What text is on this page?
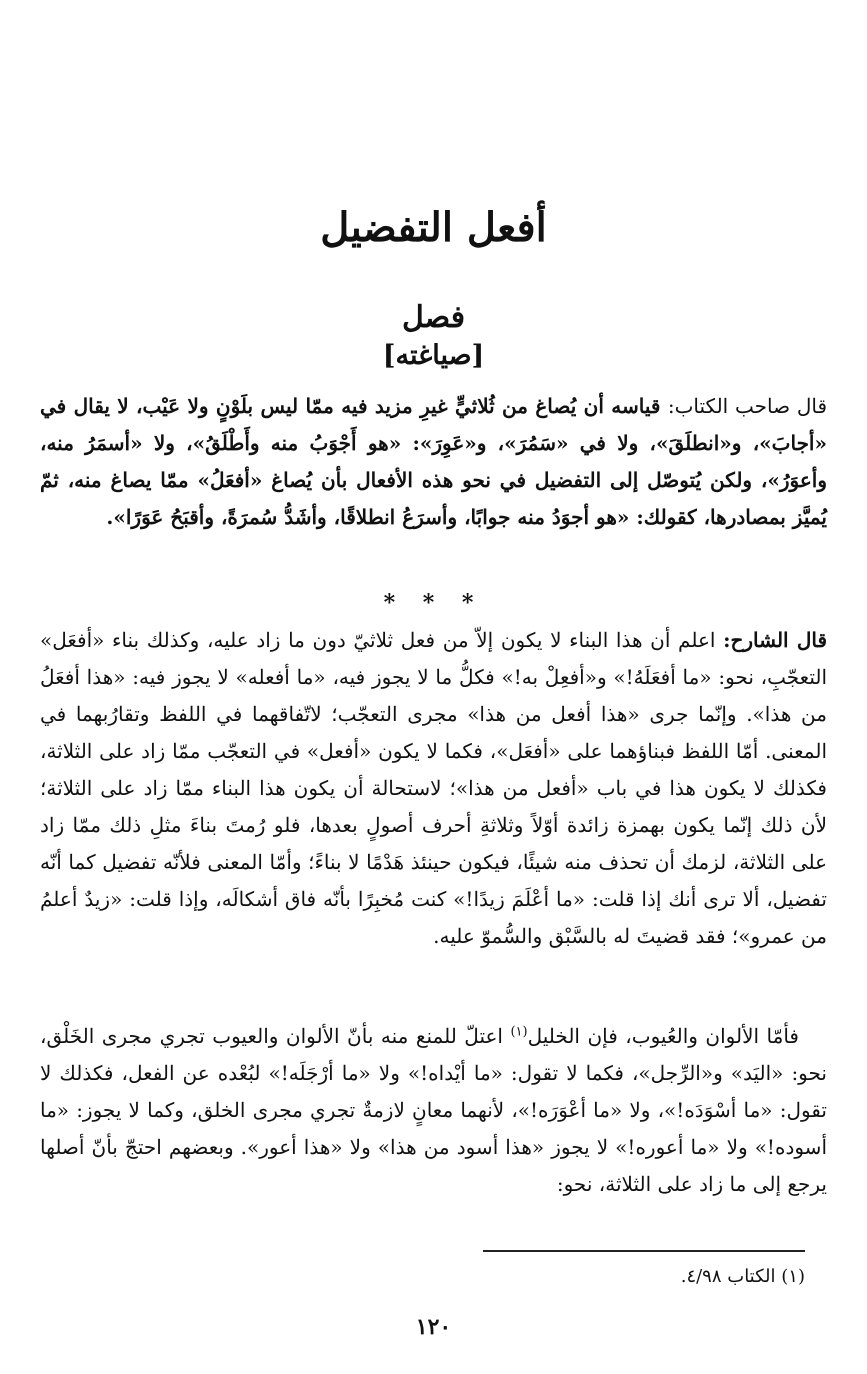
أفعل التفضيل
فصل
[صياغته]

قال صاحب الكتاب: قياسه أن يُصاغ من ثُلاثيٍّ غيرِ مزيد فيه ممّا ليس بلَوْنٍ ولا عَيْب، لا يقال في «أجابَ»، و«انطلَقَ»، ولا في «سَمُرَ»، و«عَوِرَ»: «هو أَجْوَبُ منه وأَطْلَقُ»، ولا «أسمَرُ منه، وأعوَرُ»، ولكن يُتوصّل إلى التفضيل في نحو هذه الأفعال بأن يُصاغ «أفعَلُ» ممّا يصاغ منه، ثمّ يُميَّز بمصادرها، كقولك: «هو أجوَدُ منه جوابًا، وأسرَعُ انطلاقًا، وأشَدُّ سُمرَةً، وأقبَحُ عَوَرًا».

* * *

قال الشارح: اعلم أن هذا البناء لا يكون إلاّ من فعل ثلاثيّ دون ما زاد عليه، وكذلك بناء «أفعَل» التعجّبِ، نحو: «ما أفعَلَهُ!» و«أفعِلْ به!» فكلُّ ما لا يجوز فيه، «ما أفعله» لا يجوز فيه: «هذا أفعَلُ من هذا». وإنّما جرى «هذا أفعل من هذا» مجرى التعجّب؛ لاتّفاقهما في اللفظ وتقارُبهما في المعنى. أمّا اللفظ فبناؤهما على «أفعَل»، فكما لا يكون «أفعل» في التعجّب ممّا زاد على الثلاثة، فكذلك لا يكون هذا في باب «أفعل من هذا»؛ لاستحالة أن يكون هذا البناء ممّا زاد على الثلاثة؛ لأن ذلك إنّما يكون بهمزة زائدة أوّلاً وثلاثةِ أحرف أصولٍ بعدها، فلو رُمتَ بناءَ مثلِ ذلك ممّا زاد على الثلاثة، لزمك أن تحذف منه شيئًا، فيكون حينئذ هَدْمًا لا بناءً؛ وأمّا المعنى فلأنّه تفضيل كما أنّه تفضيل، ألا ترى أنك إذا قلت: «ما أعْلَمَ زيدًا!» كنت مُخبِرًا بأنّه فاق أشكالَه، وإذا قلت: «زيدٌ أعلمُ من عمرو»؛ فقد قضيتَ له بالسَّبْق والسُّموّ عليه.

فأمّا الألوان والعُيوب، فإن الخليل$^{(١)}$ اعتلّ للمنع منه بأنّ الألوان والعيوب تجري مجرى الخَلْق، نحو: «اليَد» و«الرِّجل»، فكما لا تقول: «ما أيْداه!» ولا «ما أرْجَلَه!» لبُعْده عن الفعل، فكذلك لا تقول: «ما أسْوَدَه!»، ولا «ما أعْوَرَه!»، لأنهما معانٍ لازمةٌ تجري مجرى الخلق، وكما لا يجوز: «ما أسوده!» ولا «ما أعوره!» لا يجوز «هذا أسود من هذا» ولا «هذا أعور». وبعضهم احتجّ بأنّ أصلها يرجع إلى ما زاد على الثلاثة، نحو:

(١) الكتاب ٤/٩٨.

١٢٠
